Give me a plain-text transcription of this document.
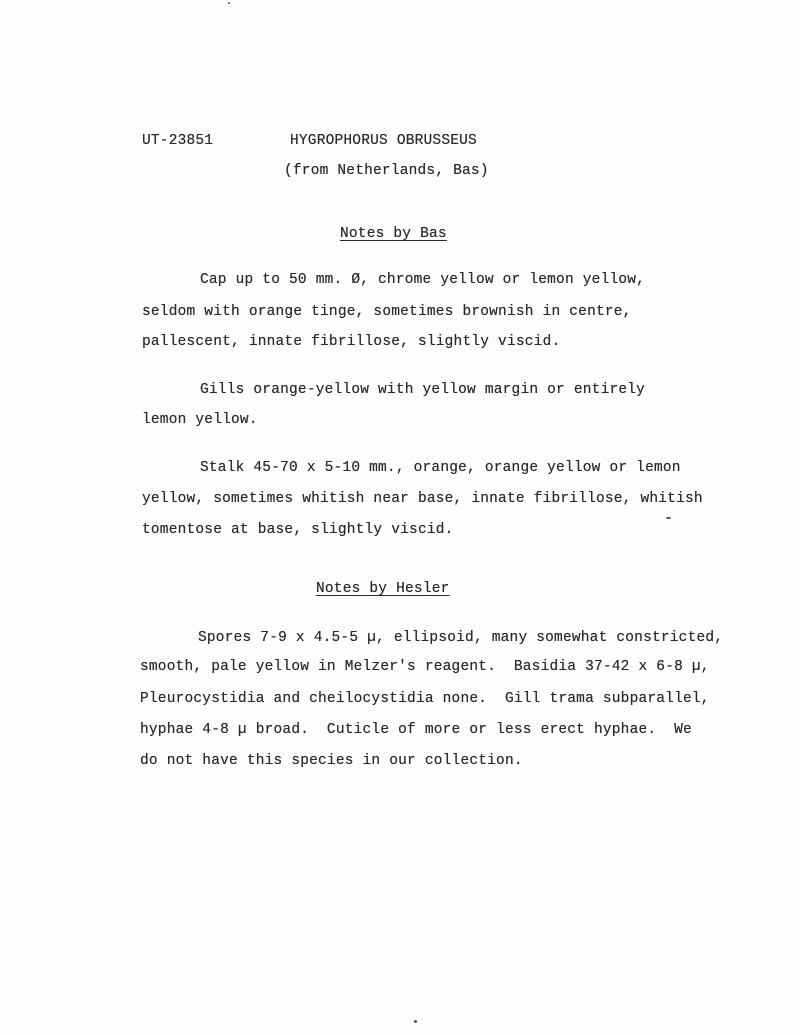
UT-23851	HYGROPHORUS OBRUSSEUS
(from Netherlands, Bas)
Notes by Bas
Cap up to 50 mm. Ø, chrome yellow or lemon yellow,
seldom with orange tinge, sometimes brownish in centre,
pallescent, innate fibrillose, slightly viscid.
Gills orange-yellow with yellow margin or entirely
lemon yellow.
Stalk 45-70 x 5-10 mm., orange, orange yellow or lemon
yellow, sometimes whitish near base, innate fibrillose, whitish
tomentose at base, slightly viscid.
Notes by Hesler
Spores 7-9 x 4.5-5 µ, ellipsoid, many somewhat constricted,
smooth, pale yellow in Melzer's reagent.  Basidia 37-42 x 6-8 µ,
Pleurocystidia and cheilocystidia none.  Gill trama subparallel,
hyphae 4-8 µ broad.  Cuticle of more or less erect hyphae.  We
do not have this species in our collection.
